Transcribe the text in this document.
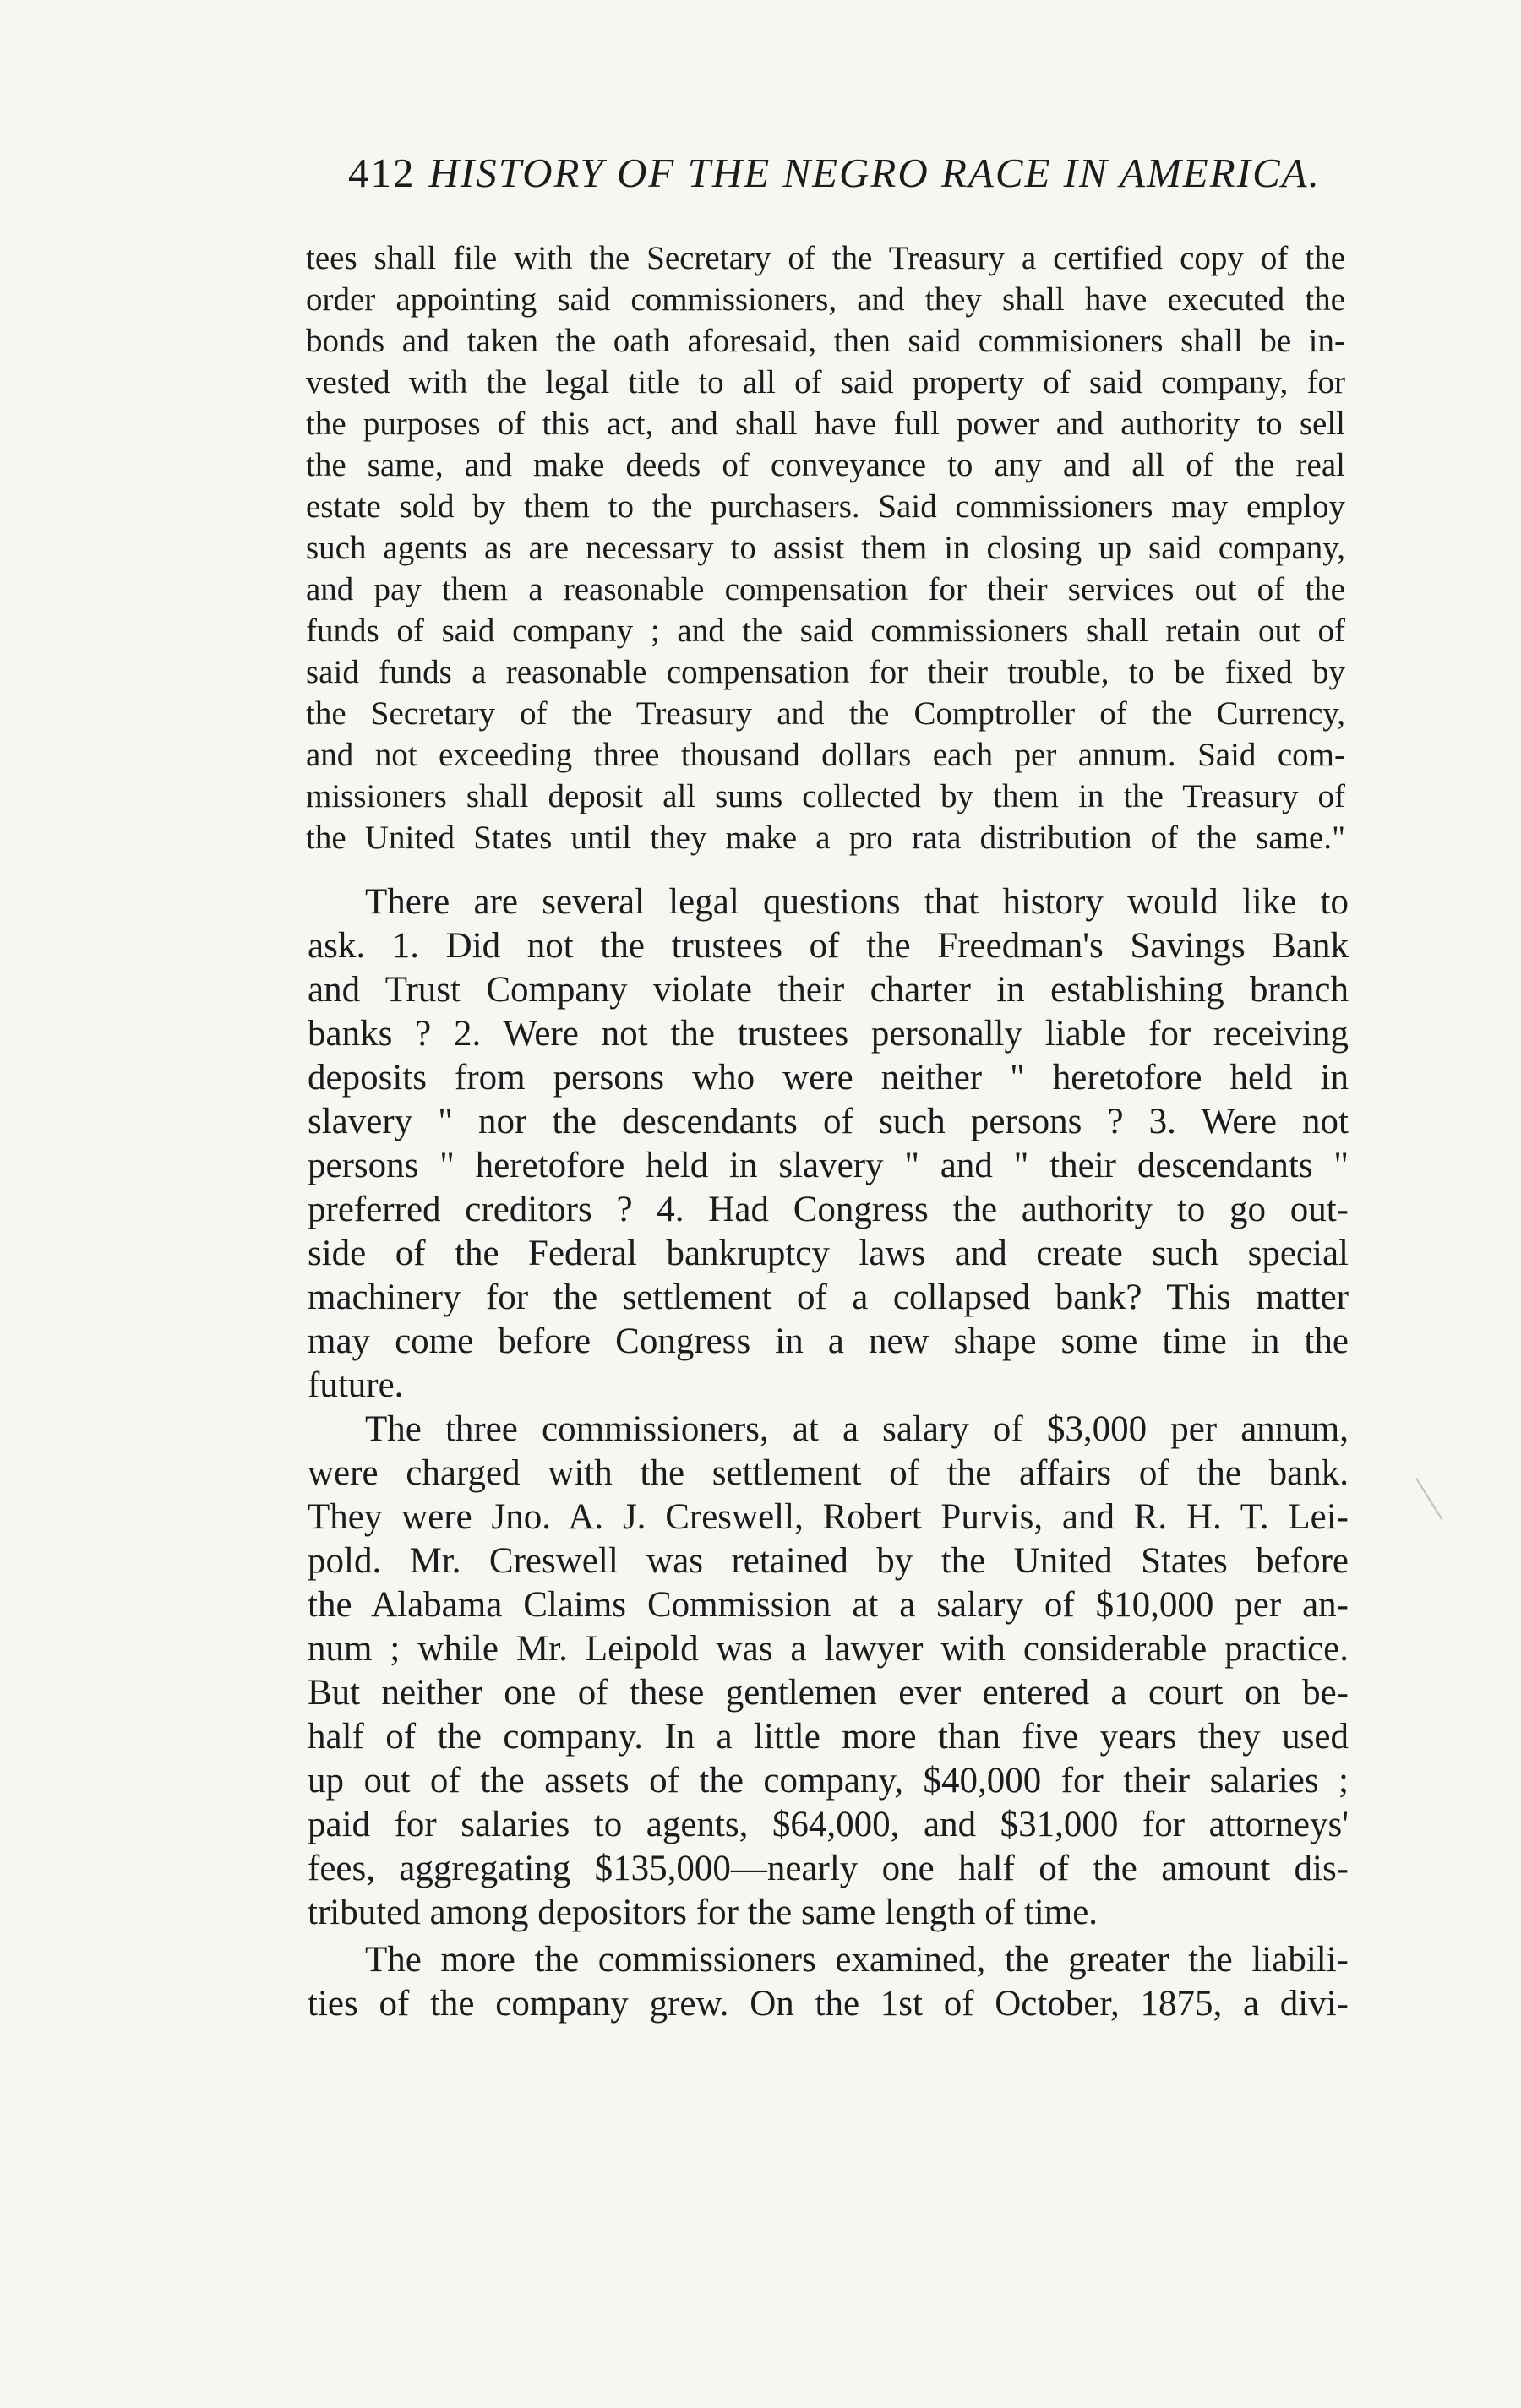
412 HISTORY OF THE NEGRO RACE IN AMERICA.
tees shall file with the Secretary of the Treasury a certified copy of the
order appointing said commissioners, and they shall have executed the
bonds and taken the oath aforesaid, then said commisioners shall be in-
vested with the legal title to all of said property of said company, for
the purposes of this act, and shall have full power and authority to sell
the same, and make deeds of conveyance to any and all of the real
estate sold by them to the purchasers. Said commissioners may employ
such agents as are necessary to assist them in closing up said company,
and pay them a reasonable compensation for their services out of the
funds of said company ; and the said commissioners shall retain out of
said funds a reasonable compensation for their trouble, to be fixed by
the Secretary of the Treasury and the Comptroller of the Currency,
and not exceeding three thousand dollars each per annum. Said com-
missioners shall deposit all sums collected by them in the Treasury of
the United States until they make a pro rata distribution of the same."
There are several legal questions that history would like to
ask. 1. Did not the trustees of the Freedman's Savings Bank
and Trust Company violate their charter in establishing branch
banks ? 2. Were not the trustees personally liable for receiving
deposits from persons who were neither " heretofore held in
slavery " nor the descendants of such persons ? 3. Were not
persons " heretofore held in slavery " and " their descendants "
preferred creditors ? 4. Had Congress the authority to go out-
side of the Federal bankruptcy laws and create such special
machinery for the settlement of a collapsed bank? This matter
may come before Congress in a new shape some time in the
future.
The three commissioners, at a salary of $3,000 per annum,
were charged with the settlement of the affairs of the bank.
They were Jno. A. J. Creswell, Robert Purvis, and R. H. T. Lei-
pold. Mr. Creswell was retained by the United States before
the Alabama Claims Commission at a salary of $10,000 per an-
num ; while Mr. Leipold was a lawyer with considerable practice.
But neither one of these gentlemen ever entered a court on be-
half of the company. In a little more than five years they used
up out of the assets of the company, $40,000 for their salaries ;
paid for salaries to agents, $64,000, and $31,000 for attorneys'
fees, aggregating $135,000—nearly one half of the amount dis-
tributed among depositors for the same length of time.
The more the commissioners examined, the greater the liabili-
ties of the company grew. On the 1st of October, 1875, a divi-
